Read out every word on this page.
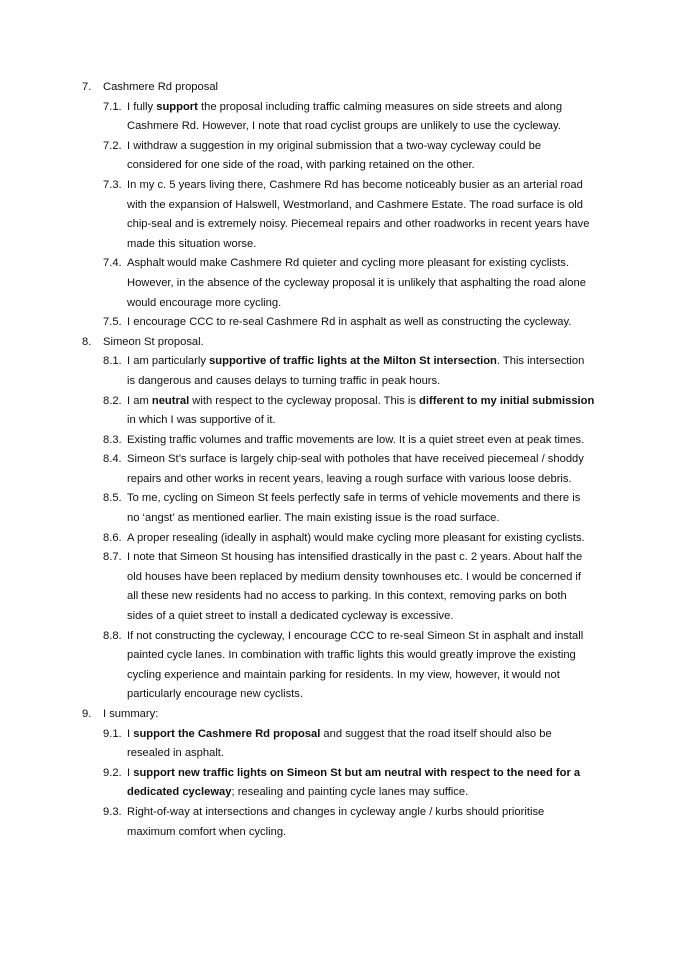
7. Cashmere Rd proposal

7.1. I fully support the proposal including traffic calming measures on side streets and along Cashmere Rd. However, I note that road cyclist groups are unlikely to use the cycleway.

7.2. I withdraw a suggestion in my original submission that a two-way cycleway could be considered for one side of the road, with parking retained on the other.

7.3. In my c. 5 years living there, Cashmere Rd has become noticeably busier as an arterial road with the expansion of Halswell, Westmorland, and Cashmere Estate. The road surface is old chip-seal and is extremely noisy. Piecemeal repairs and other roadworks in recent years have made this situation worse.

7.4. Asphalt would make Cashmere Rd quieter and cycling more pleasant for existing cyclists. However, in the absence of the cycleway proposal it is unlikely that asphalting the road alone would encourage more cycling.

7.5. I encourage CCC to re-seal Cashmere Rd in asphalt as well as constructing the cycleway.

8. Simeon St proposal.

8.1. I am particularly supportive of traffic lights at the Milton St intersection. This intersection is dangerous and causes delays to turning traffic in peak hours.

8.2. I am neutral with respect to the cycleway proposal. This is different to my initial submission in which I was supportive of it.

8.3. Existing traffic volumes and traffic movements are low. It is a quiet street even at peak times.

8.4. Simeon St’s surface is largely chip-seal with potholes that have received piecemeal / shoddy repairs and other works in recent years, leaving a rough surface with various loose debris.

8.5. To me, cycling on Simeon St feels perfectly safe in terms of vehicle movements and there is no ‘angst’ as mentioned earlier. The main existing issue is the road surface.

8.6. A proper resealing (ideally in asphalt) would make cycling more pleasant for existing cyclists.

8.7. I note that Simeon St housing has intensified drastically in the past c. 2 years. About half the old houses have been replaced by medium density townhouses etc. I would be concerned if all these new residents had no access to parking. In this context, removing parks on both sides of a quiet street to install a dedicated cycleway is excessive.

8.8. If not constructing the cycleway, I encourage CCC to re-seal Simeon St in asphalt and install painted cycle lanes. In combination with traffic lights this would greatly improve the existing cycling experience and maintain parking for residents. In my view, however, it would not particularly encourage new cyclists.

9. I summary:

9.1. I support the Cashmere Rd proposal and suggest that the road itself should also be resealed in asphalt.

9.2. I support new traffic lights on Simeon St but am neutral with respect to the need for a dedicated cycleway; resealing and painting cycle lanes may suffice.

9.3. Right-of-way at intersections and changes in cycleway angle / kurbs should prioritise maximum comfort when cycling.
